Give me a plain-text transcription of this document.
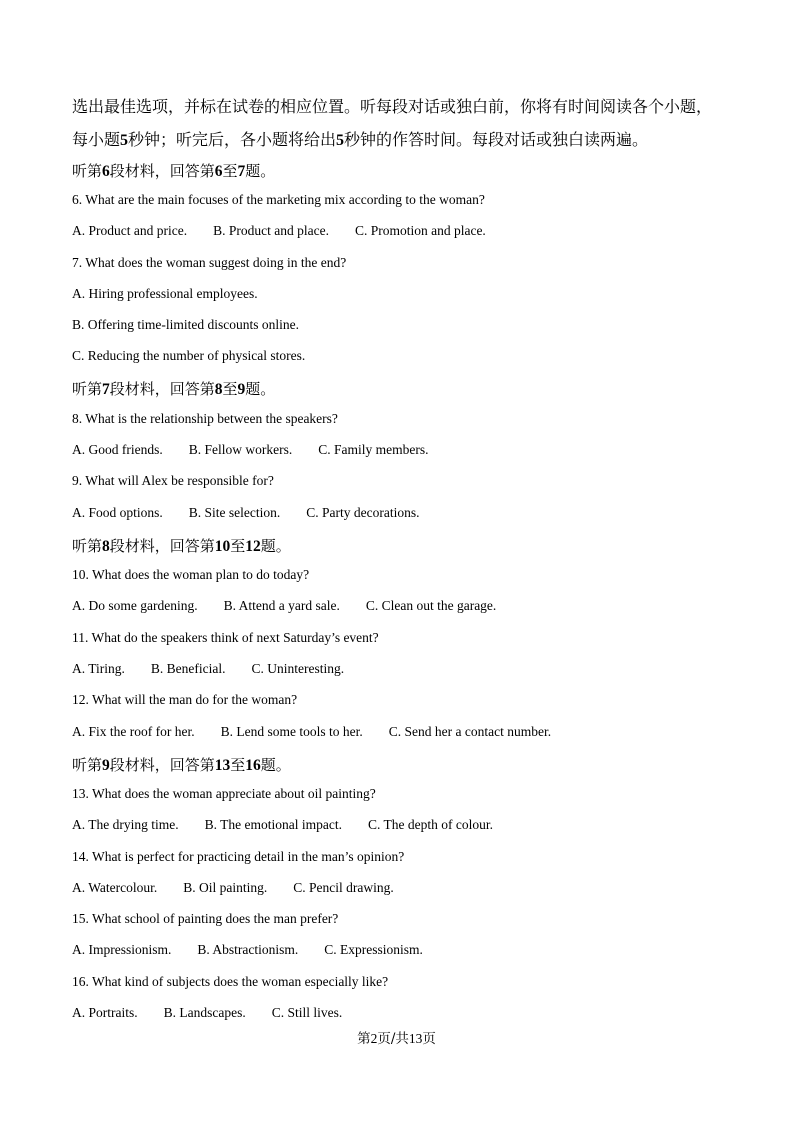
选出最佳选项，并标在试卷的相应位置。听每段对话或独白前，你将有时间阅读各个小题，
每小题5秒钟；听完后，各小题将给出5秒钟的作答时间。每段对话或独白读两遍。
听第6段材料，回答第6至7题。
6. What are the main focuses of the marketing mix according to the woman?
A. Product and price. B. Product and place. C. Promotion and place.
7. What does the woman suggest doing in the end?
A. Hiring professional employees.
B. Offering time-limited discounts online.
C. Reducing the number of physical stores.
听第7段材料，回答第8至9题。
8. What is the relationship between the speakers?
A. Good friends. B. Fellow workers. C. Family members.
9. What will Alex be responsible for?
A. Food options. B. Site selection. C. Party decorations.
听第8段材料，回答第10至12题。
10. What does the woman plan to do today?
A. Do some gardening. B. Attend a yard sale. C. Clean out the garage.
11. What do the speakers think of next Saturday’s event?
A. Tiring. B. Beneficial. C. Uninteresting.
12. What will the man do for the woman?
A. Fix the roof for her. B. Lend some tools to her. C. Send her a contact number.
听第9段材料，回答第13至16题。
13. What does the woman appreciate about oil painting?
A. The drying time. B. The emotional impact. C. The depth of colour.
14. What is perfect for practicing detail in the man’s opinion?
A. Watercolour. B. Oil painting. C. Pencil drawing.
15. What school of painting does the man prefer?
A. Impressionism. B. Abstractionism. C. Expressionism.
16. What kind of subjects does the woman especially like?
A. Portraits. B. Landscapes. C. Still lives.
第2页/共13页
